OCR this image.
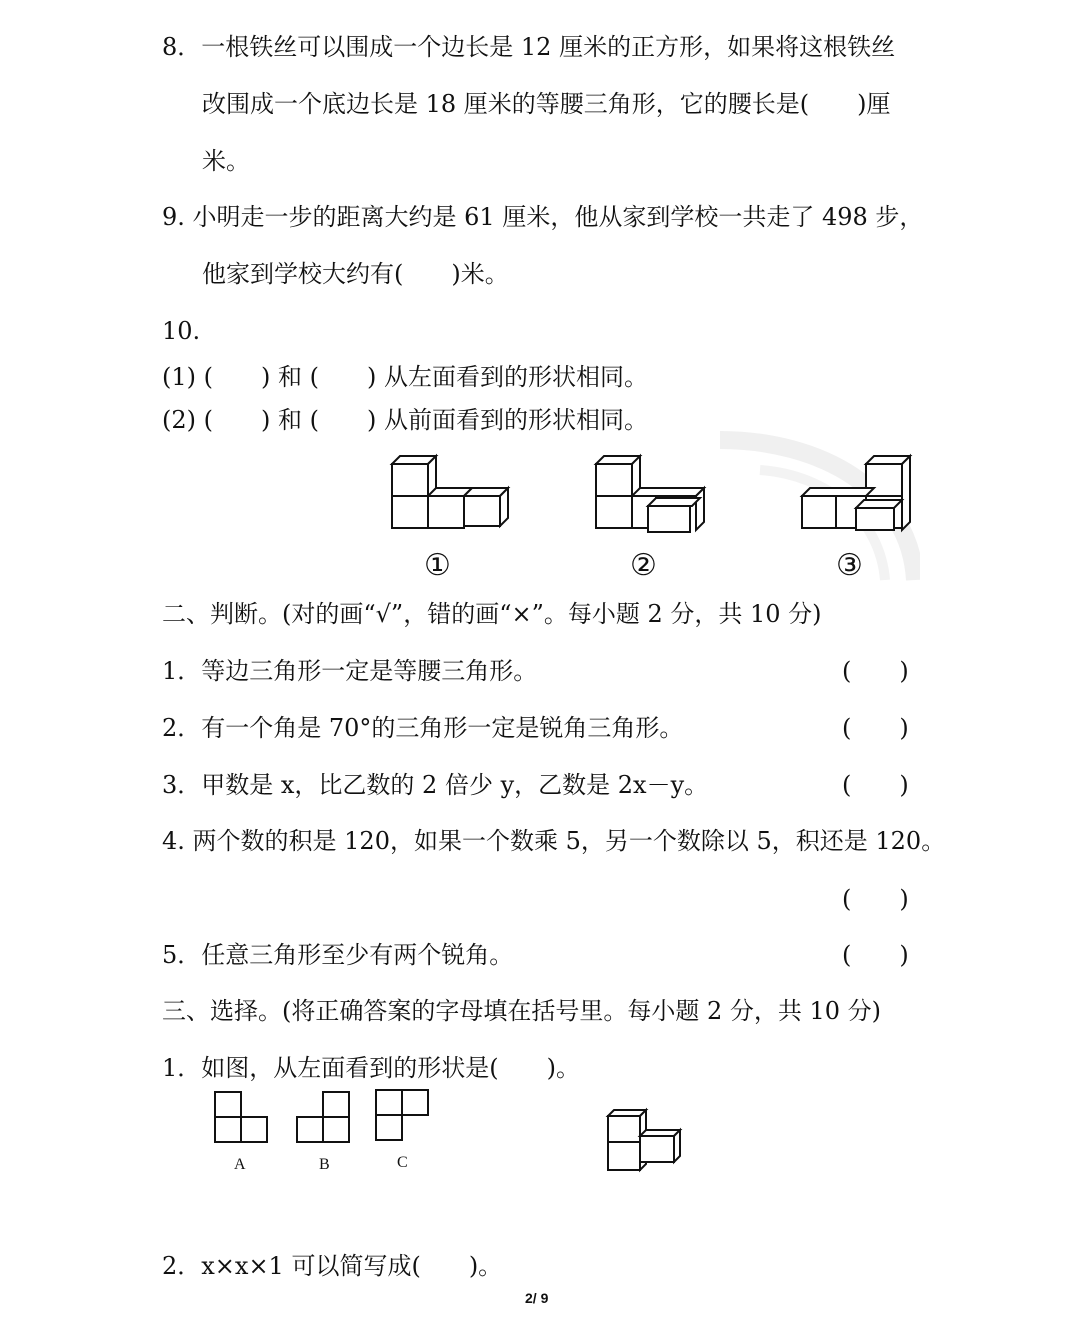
8．一根铁丝可以围成一个边长是 12 厘米的正方形，如果将这根铁丝
改围成一个底边长是 18 厘米的等腰三角形，它的腰长是(　　)厘
米。
9. 小明走一步的距离大约是 61 厘米，他从家到学校一共走了 498 步，
他家到学校大约有(　　)米。
10.
(1) (　　) 和 (　　) 从左面看到的形状相同。
(2) (　　) 和 (　　) 从前面看到的形状相同。
①	②	③
二、判断。(对的画“√”，错的画“×”。每小题 2 分，共 10 分)
1．等边三角形一定是等腰三角形。	(　　)
2．有一个角是 70°的三角形一定是锐角三角形。	(　　)
3．甲数是 x，比乙数的 2 倍少 y，乙数是 2x－y。	(　　)
4. 两个数的积是 120，如果一个数乘 5，另一个数除以 5，积还是 120。
(　　)
5．任意三角形至少有两个锐角。	(　　)
三、选择。(将正确答案的字母填在括号里。每小题 2 分，共 10 分)
1．如图，从左面看到的形状是(　　)。
A	B	C
2．x×x×1 可以简写成(　　)。
2/ 9
